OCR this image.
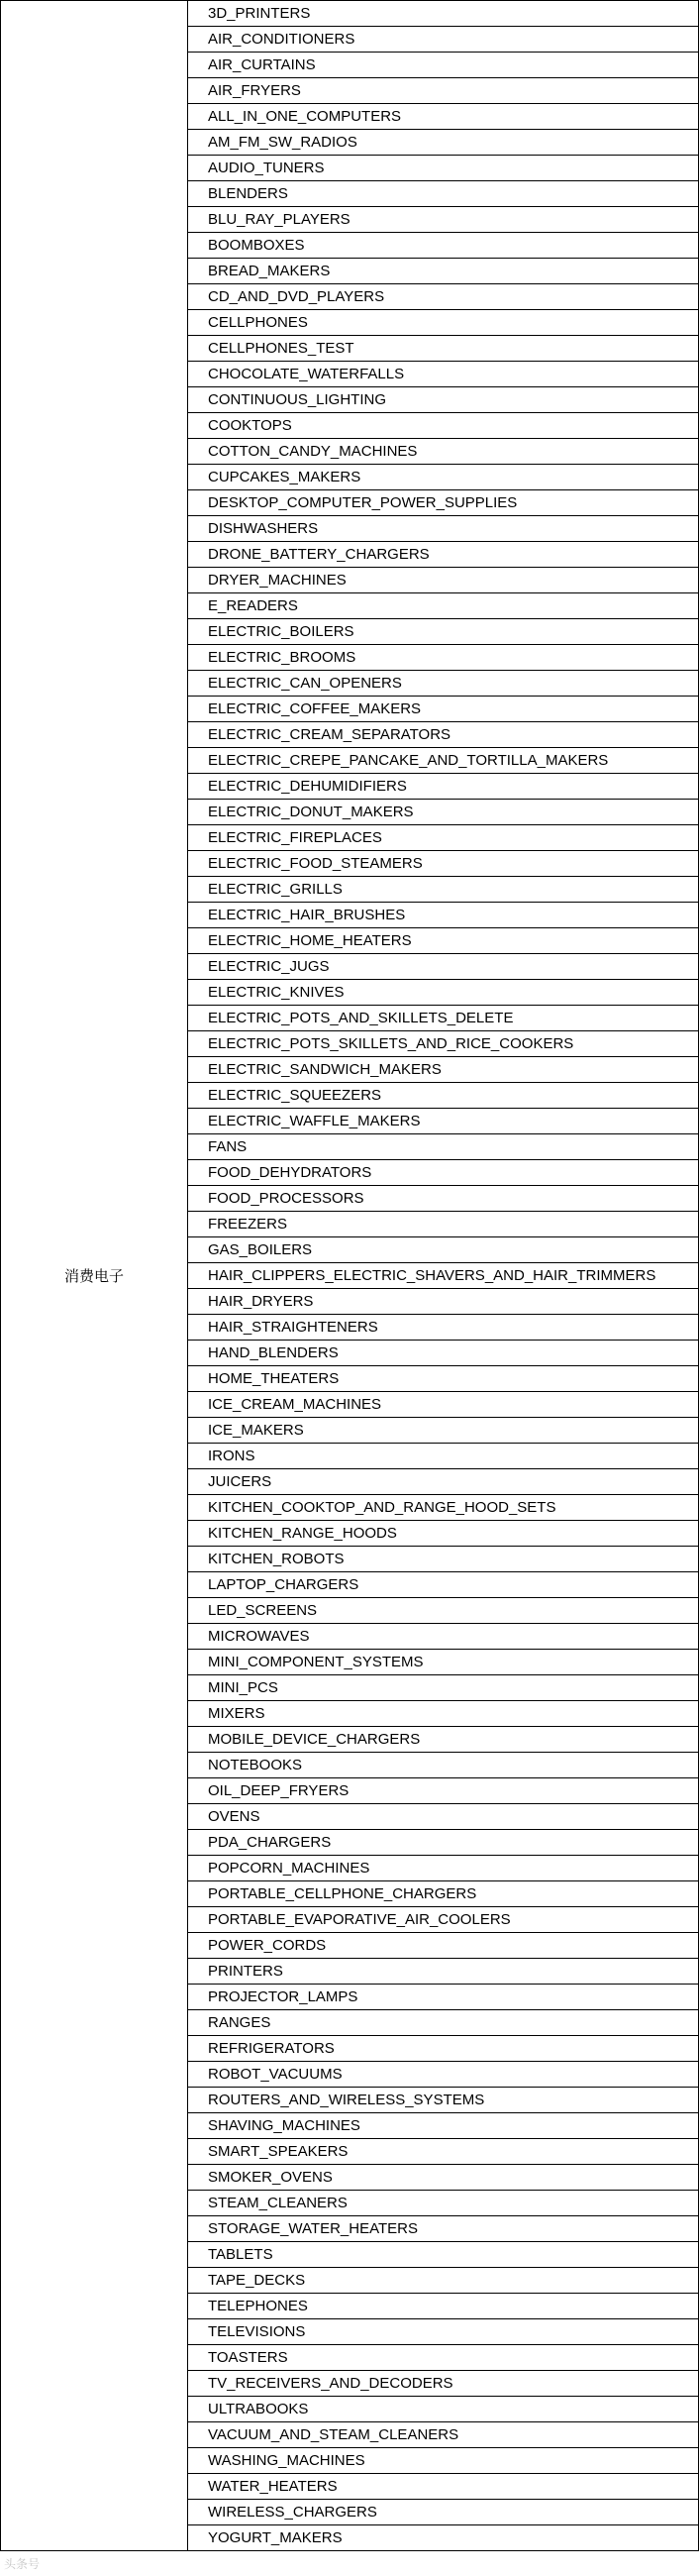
消费电子	3D_PRINTERS
AIR_CONDITIONERS
AIR_CURTAINS
AIR_FRYERS
ALL_IN_ONE_COMPUTERS
AM_FM_SW_RADIOS
AUDIO_TUNERS
BLENDERS
BLU_RAY_PLAYERS
BOOMBOXES
BREAD_MAKERS
CD_AND_DVD_PLAYERS
CELLPHONES
CELLPHONES_TEST
CHOCOLATE_WATERFALLS
CONTINUOUS_LIGHTING
COOKTOPS
COTTON_CANDY_MACHINES
CUPCAKES_MAKERS
DESKTOP_COMPUTER_POWER_SUPPLIES
DISHWASHERS
DRONE_BATTERY_CHARGERS
DRYER_MACHINES
E_READERS
ELECTRIC_BOILERS
ELECTRIC_BROOMS
ELECTRIC_CAN_OPENERS
ELECTRIC_COFFEE_MAKERS
ELECTRIC_CREAM_SEPARATORS
ELECTRIC_CREPE_PANCAKE_AND_TORTILLA_MAKERS
ELECTRIC_DEHUMIDIFIERS
ELECTRIC_DONUT_MAKERS
ELECTRIC_FIREPLACES
ELECTRIC_FOOD_STEAMERS
ELECTRIC_GRILLS
ELECTRIC_HAIR_BRUSHES
ELECTRIC_HOME_HEATERS
ELECTRIC_JUGS
ELECTRIC_KNIVES
ELECTRIC_POTS_AND_SKILLETS_DELETE
ELECTRIC_POTS_SKILLETS_AND_RICE_COOKERS
ELECTRIC_SANDWICH_MAKERS
ELECTRIC_SQUEEZERS
ELECTRIC_WAFFLE_MAKERS
FANS
FOOD_DEHYDRATORS
FOOD_PROCESSORS
FREEZERS
GAS_BOILERS
HAIR_CLIPPERS_ELECTRIC_SHAVERS_AND_HAIR_TRIMMERS
HAIR_DRYERS
HAIR_STRAIGHTENERS
HAND_BLENDERS
HOME_THEATERS
ICE_CREAM_MACHINES
ICE_MAKERS
IRONS
JUICERS
KITCHEN_COOKTOP_AND_RANGE_HOOD_SETS
KITCHEN_RANGE_HOODS
KITCHEN_ROBOTS
LAPTOP_CHARGERS
LED_SCREENS
MICROWAVES
MINI_COMPONENT_SYSTEMS
MINI_PCS
MIXERS
MOBILE_DEVICE_CHARGERS
NOTEBOOKS
OIL_DEEP_FRYERS
OVENS
PDA_CHARGERS
POPCORN_MACHINES
PORTABLE_CELLPHONE_CHARGERS
PORTABLE_EVAPORATIVE_AIR_COOLERS
POWER_CORDS
PRINTERS
PROJECTOR_LAMPS
RANGES
REFRIGERATORS
ROBOT_VACUUMS
ROUTERS_AND_WIRELESS_SYSTEMS
SHAVING_MACHINES
SMART_SPEAKERS
SMOKER_OVENS
STEAM_CLEANERS
STORAGE_WATER_HEATERS
TABLETS
TAPE_DECKS
TELEPHONES
TELEVISIONS
TOASTERS
TV_RECEIVERS_AND_DECODERS
ULTRABOOKS
VACUUM_AND_STEAM_CLEANERS
WASHING_MACHINES
WATER_HEATERS
WIRELESS_CHARGERS
YOGURT_MAKERS
头条号
